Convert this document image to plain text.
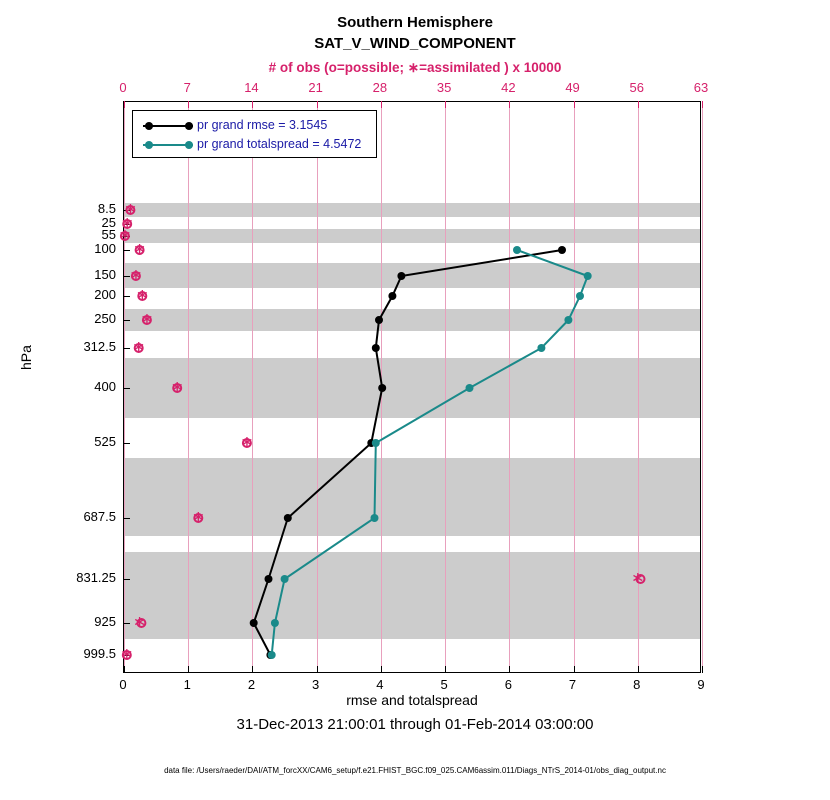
Southern Hemisphere
SAT_V_WIND_COMPONENT
# of obs (o=possible; ∗=assimilated ) x 10000
∗
∗
∗
∗
∗
∗
∗
∗
∗
∗
∗
∗
∗
∗
hPa
rmse and totalspread
31-Dec-2013 21:00:01 through 01-Feb-2014 03:00:00
data file: /Users/raeder/DAI/ATM_forcXX/CAM6_setup/f.e21.FHIST_BGC.f09_025.CAM6assim.011/Diags_NTrS_2014-01/obs_diag_output.nc
pr grand rmse = 3.1545
pr grand totalspread = 4.5472
0	1	2	3	4	5	6	7	8	9
0	7	14	21	28	35	42	49	56	63
8.5
25
55
100
150
200
250
312.5
400
525
687.5
831.25
925
999.5
